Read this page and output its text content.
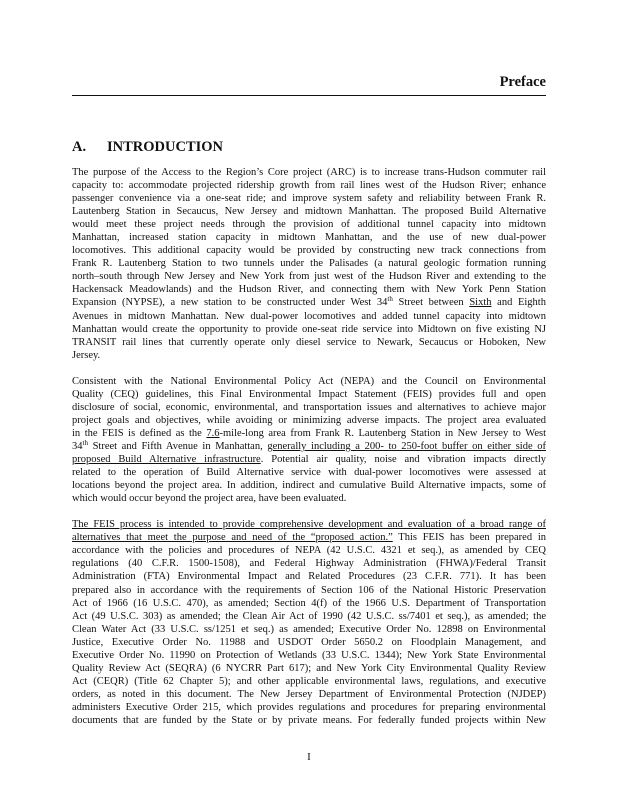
Preface
A. INTRODUCTION
The purpose of the Access to the Region’s Core project (ARC) is to increase trans-Hudson commuter rail
capacity to: accommodate projected ridership growth from rail lines west of the Hudson River; enhance
passenger convenience via a one-seat ride; and improve system safety and reliability between Frank R.
Lautenberg Station in Secaucus, New Jersey and midtown Manhattan. The proposed Build Alternative
would meet these project needs through the provision of additional tunnel capacity into midtown
Manhattan, increased station capacity in midtown Manhattan, and the use of new dual-power
locomotives. This additional capacity would be provided by constructing new track connections from
Frank R. Lautenberg Station to two tunnels under the Palisades (a natural geologic formation running
north–south through New Jersey and New York from just west of the Hudson River and extending to the
Hackensack Meadowlands) and the Hudson River, and connecting them with New York Penn Station
Expansion (NYPSE), a new station to be constructed under West 34th Street between Sixth and Eighth
Avenues in midtown Manhattan. New dual-power locomotives and added tunnel capacity into midtown
Manhattan would create the opportunity to provide one-seat ride service into Midtown on five existing NJ
TRANSIT rail lines that currently operate only diesel service to Newark, Secaucus or Hoboken, New
Jersey.
Consistent with the National Environmental Policy Act (NEPA) and the Council on Environmental
Quality (CEQ) guidelines, this Final Environmental Impact Statement (FEIS) provides full and open
disclosure of social, economic, environmental, and transportation issues and alternatives to achieve major
project goals and objectives, while avoiding or minimizing adverse impacts. The project area evaluated
in the FEIS is defined as the 7.6-mile-long area from Frank R. Lautenberg Station in New Jersey to West
34th Street and Fifth Avenue in Manhattan, generally including a 200- to 250-foot buffer on either side of
proposed Build Alternative infrastructure. Potential air quality, noise and vibration impacts directly
related to the operation of Build Alternative service with dual-power locomotives were assessed at
locations beyond the project area. In addition, indirect and cumulative Build Alternative impacts, some of
which would occur beyond the project area, have been evaluated.
The FEIS process is intended to provide comprehensive development and evaluation of a broad range of
alternatives that meet the purpose and need of the “proposed action.” This FEIS has been prepared in
accordance with the policies and procedures of NEPA (42 U.S.C. 4321 et seq.), as amended by CEQ
regulations (40 C.F.R. 1500-1508), and Federal Highway Administration (FHWA)/Federal Transit
Administration (FTA) Environmental Impact and Related Procedures (23 C.F.R. 771). It has been
prepared also in accordance with the requirements of Section 106 of the National Historic Preservation
Act of 1966 (16 U.S.C. 470), as amended; Section 4(f) of the 1966 U.S. Department of Transportation
Act (49 U.S.C. 303) as amended; the Clean Air Act of 1990 (42 U.S.C. ss/7401 et seq.), as amended; the
Clean Water Act (33 U.S.C. ss/1251 et seq.) as amended; Executive Order No. 12898 on Environmental
Justice, Executive Order No. 11988 and USDOT Order 5650.2 on Floodplain Management, and
Executive Order No. 11990 on Protection of Wetlands (33 U.S.C. 1344); New York State Environmental
Quality Review Act (SEQRA) (6 NYCRR Part 617); and New York City Environmental Quality Review
Act (CEQR) (Title 62 Chapter 5); and other applicable environmental laws, regulations, and executive
orders, as noted in this document. The New Jersey Department of Environmental Protection (NJDEP)
administers Executive Order 215, which provides regulations and procedures for preparing environmental
documents that are funded by the State or by private means. For federally funded projects within New
I
